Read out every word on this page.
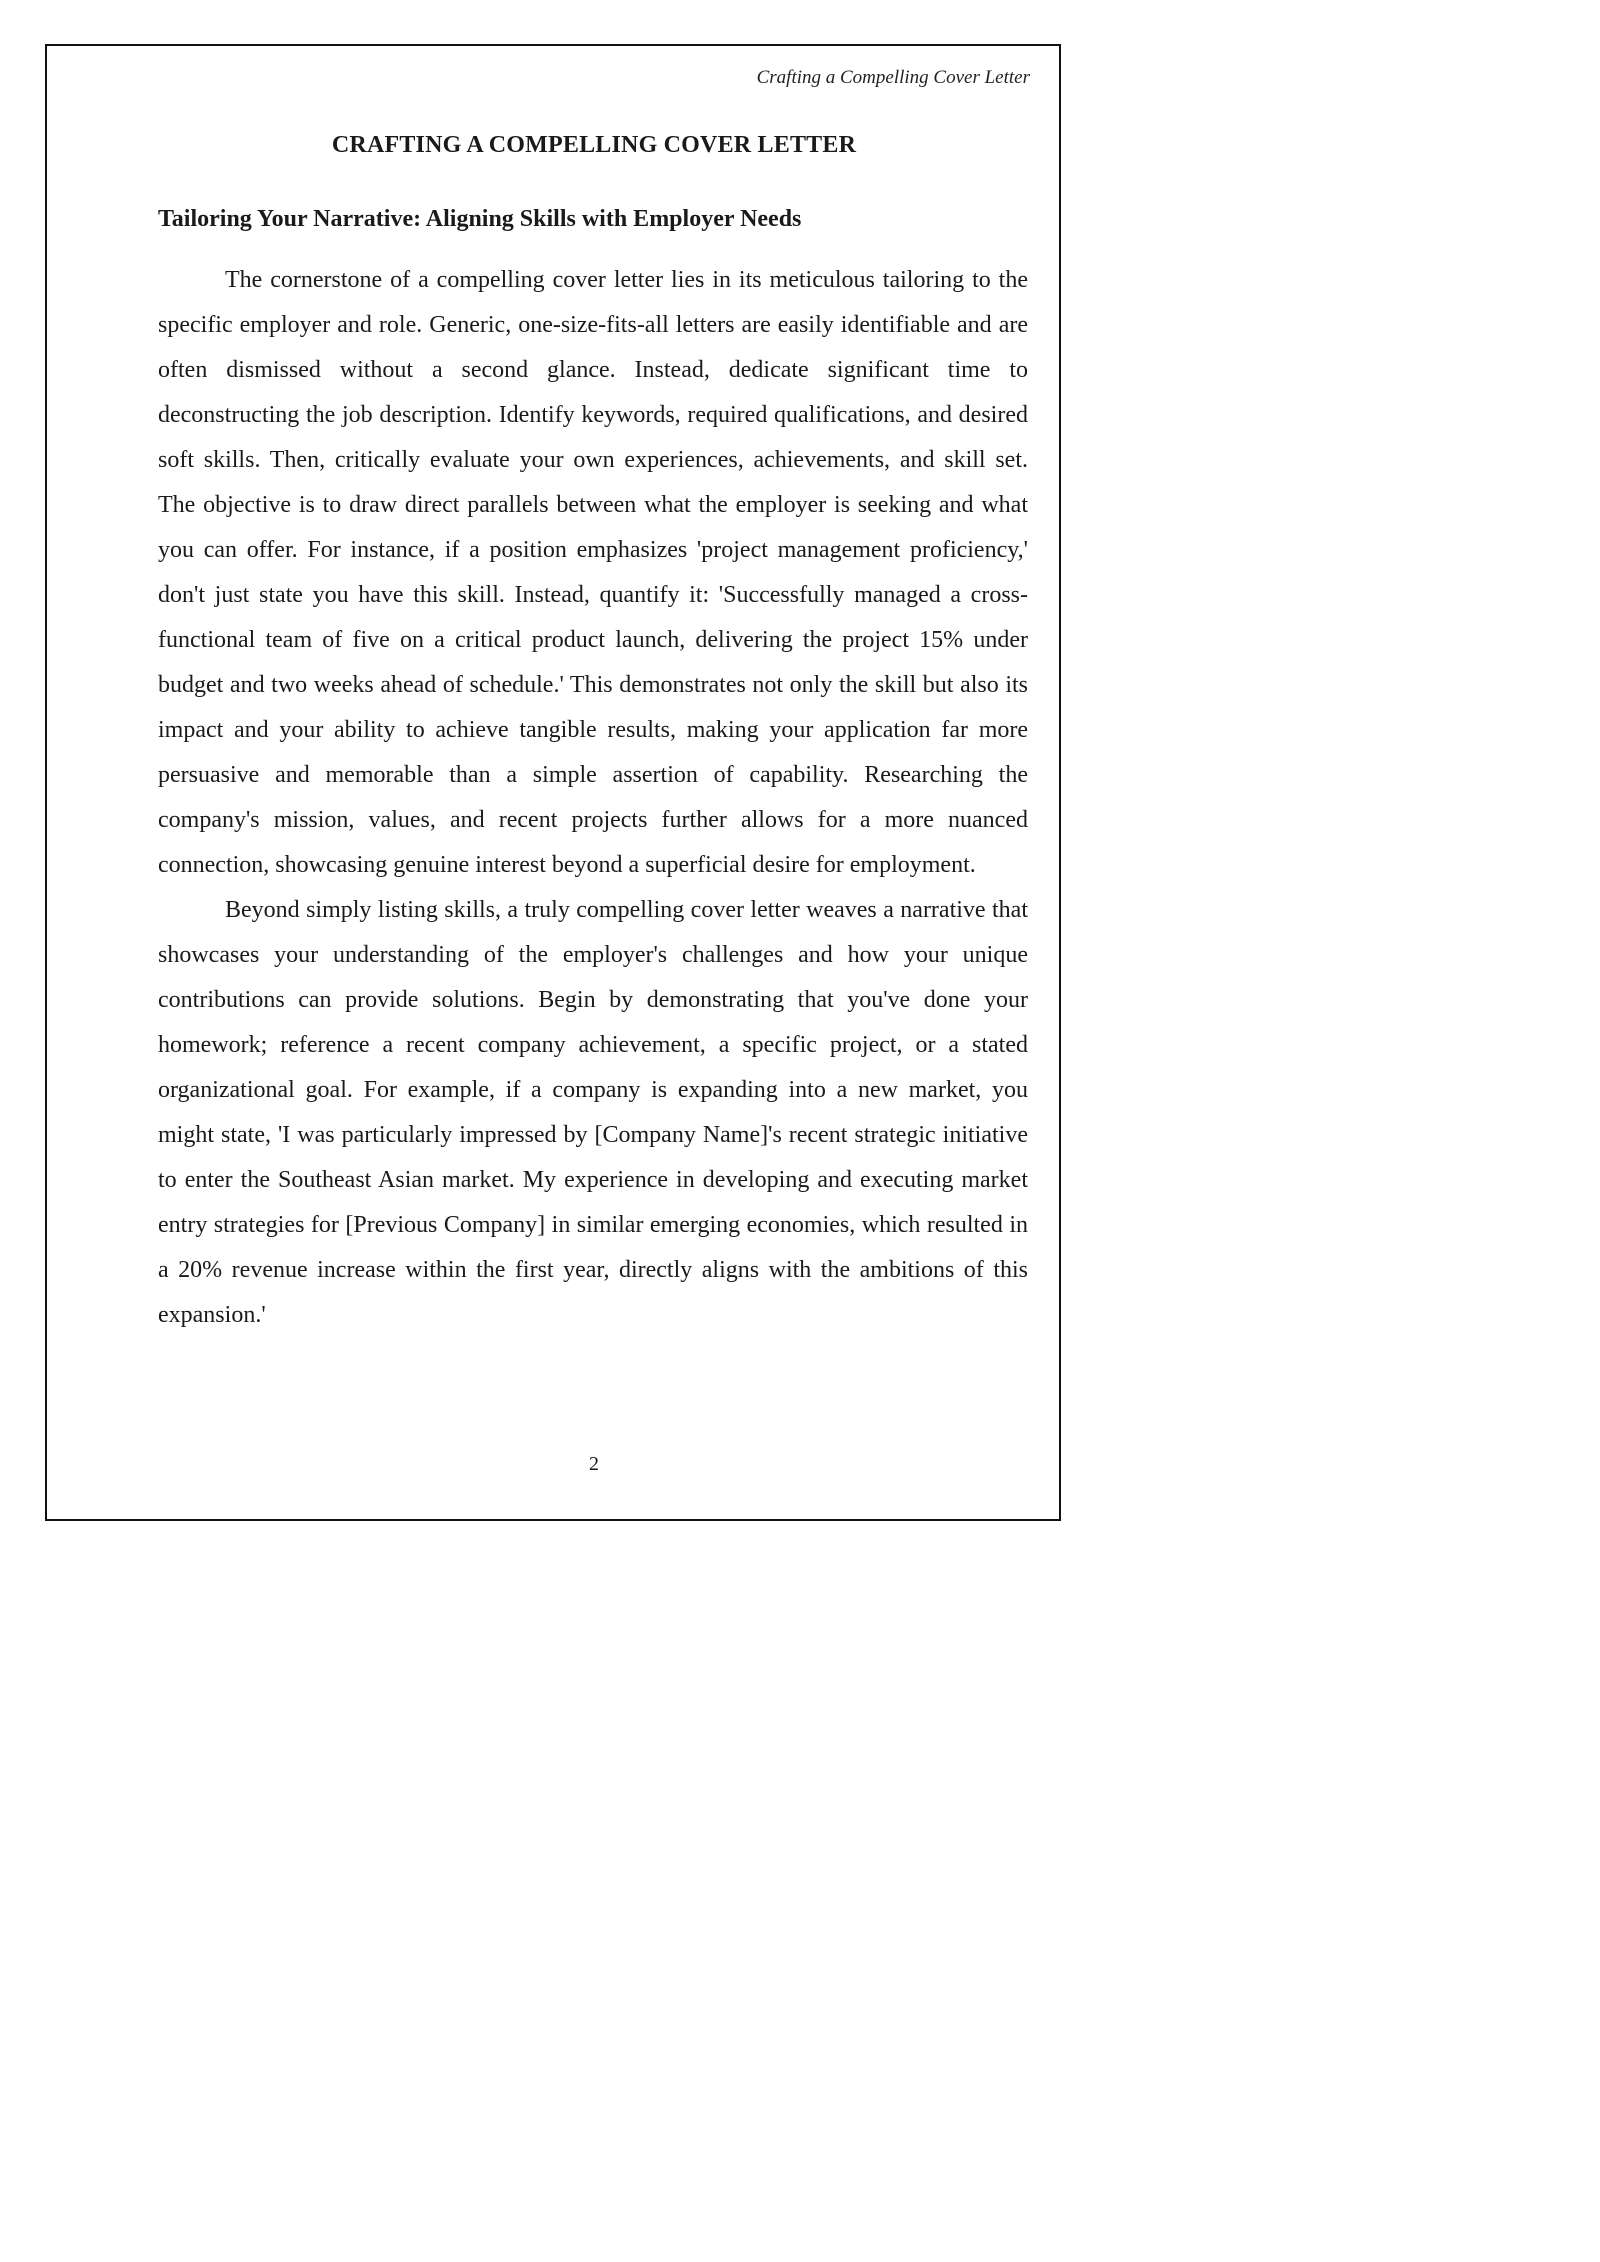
Crafting a Compelling Cover Letter
CRAFTING A COMPELLING COVER LETTER
Tailoring Your Narrative: Aligning Skills with Employer Needs

The cornerstone of a compelling cover letter lies in its meticulous tailoring to the specific employer and role. Generic, one-size-fits-all letters are easily identifiable and are often dismissed without a second glance. Instead, dedicate significant time to deconstructing the job description. Identify keywords, required qualifications, and desired soft skills. Then, critically evaluate your own experiences, achievements, and skill set. The objective is to draw direct parallels between what the employer is seeking and what you can offer. For instance, if a position emphasizes 'project management proficiency,' don't just state you have this skill. Instead, quantify it: 'Successfully managed a cross-functional team of five on a critical product launch, delivering the project 15% under budget and two weeks ahead of schedule.' This demonstrates not only the skill but also its impact and your ability to achieve tangible results, making your application far more persuasive and memorable than a simple assertion of capability. Researching the company's mission, values, and recent projects further allows for a more nuanced connection, showcasing genuine interest beyond a superficial desire for employment.

Beyond simply listing skills, a truly compelling cover letter weaves a narrative that showcases your understanding of the employer's challenges and how your unique contributions can provide solutions. Begin by demonstrating that you've done your homework; reference a recent company achievement, a specific project, or a stated organizational goal. For example, if a company is expanding into a new market, you might state, 'I was particularly impressed by [Company Name]'s recent strategic initiative to enter the Southeast Asian market. My experience in developing and executing market entry strategies for [Previous Company] in similar emerging economies, which resulted in a 20% revenue increase within the first year, directly aligns with the ambitions of this expansion.'

2
